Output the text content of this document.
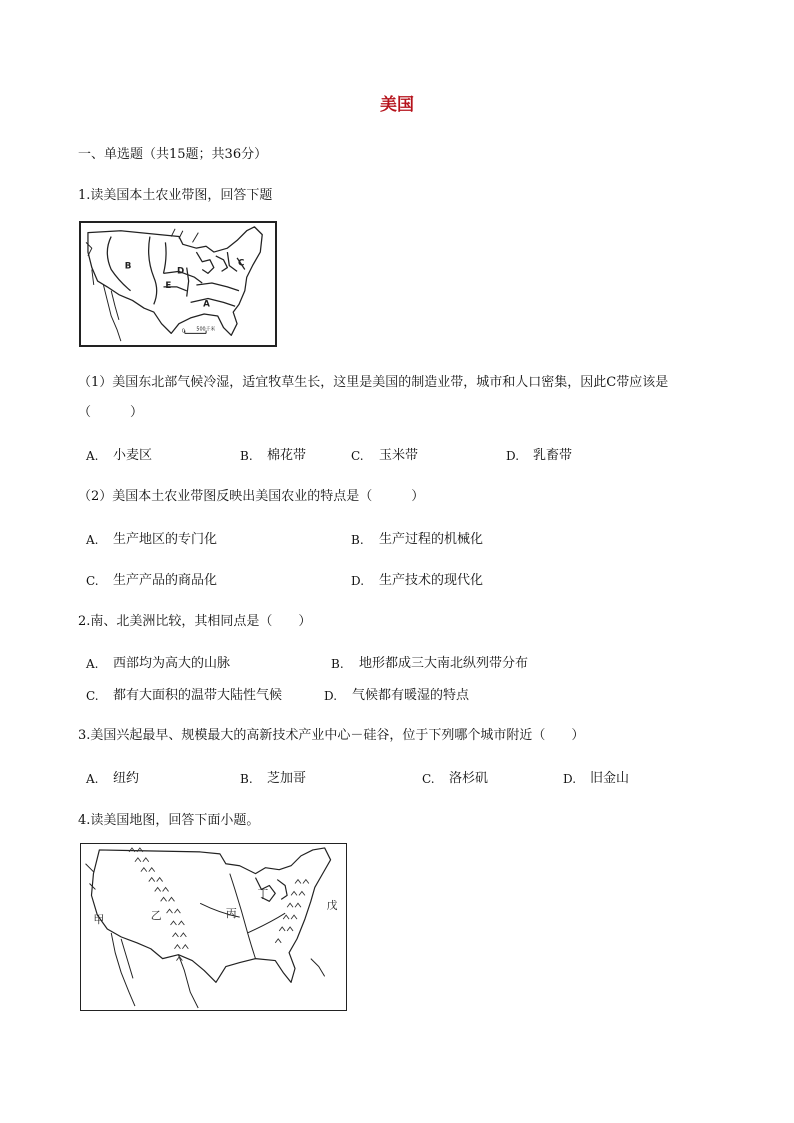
美国
一、单选题（共15题；共36分）
1.读美国本土农业带图，回答下题
B	C
D
E
A
0 500千米
（1）美国东北部气候冷湿，适宜牧草生长，这里是美国的制造业带，城市和人口密集，因此C带应该是
（　　　）
A. 小麦区	B. 棉花带	C. 玉米带	D. 乳畜带
（2）美国本土农业带图反映出美国农业的特点是（　　　）
A. 生产地区的专门化	B. 生产过程的机械化
C. 生产产品的商品化	D. 生产技术的现代化
2.南、北美洲比较，其相同点是（　　）
A. 西部均为高大的山脉	B. 地形都成三大南北纵列带分布
C. 都有大面积的温带大陆性气候	D. 气候都有暖湿的特点
3.美国兴起最早、规模最大的高新技术产业中心－硅谷，位于下列哪个城市附近（　　）
A. 纽约	B. 芝加哥	C. 洛杉矶	D. 旧金山
4.读美国地图，回答下面小题。
甲	乙	丙
丁
戊
